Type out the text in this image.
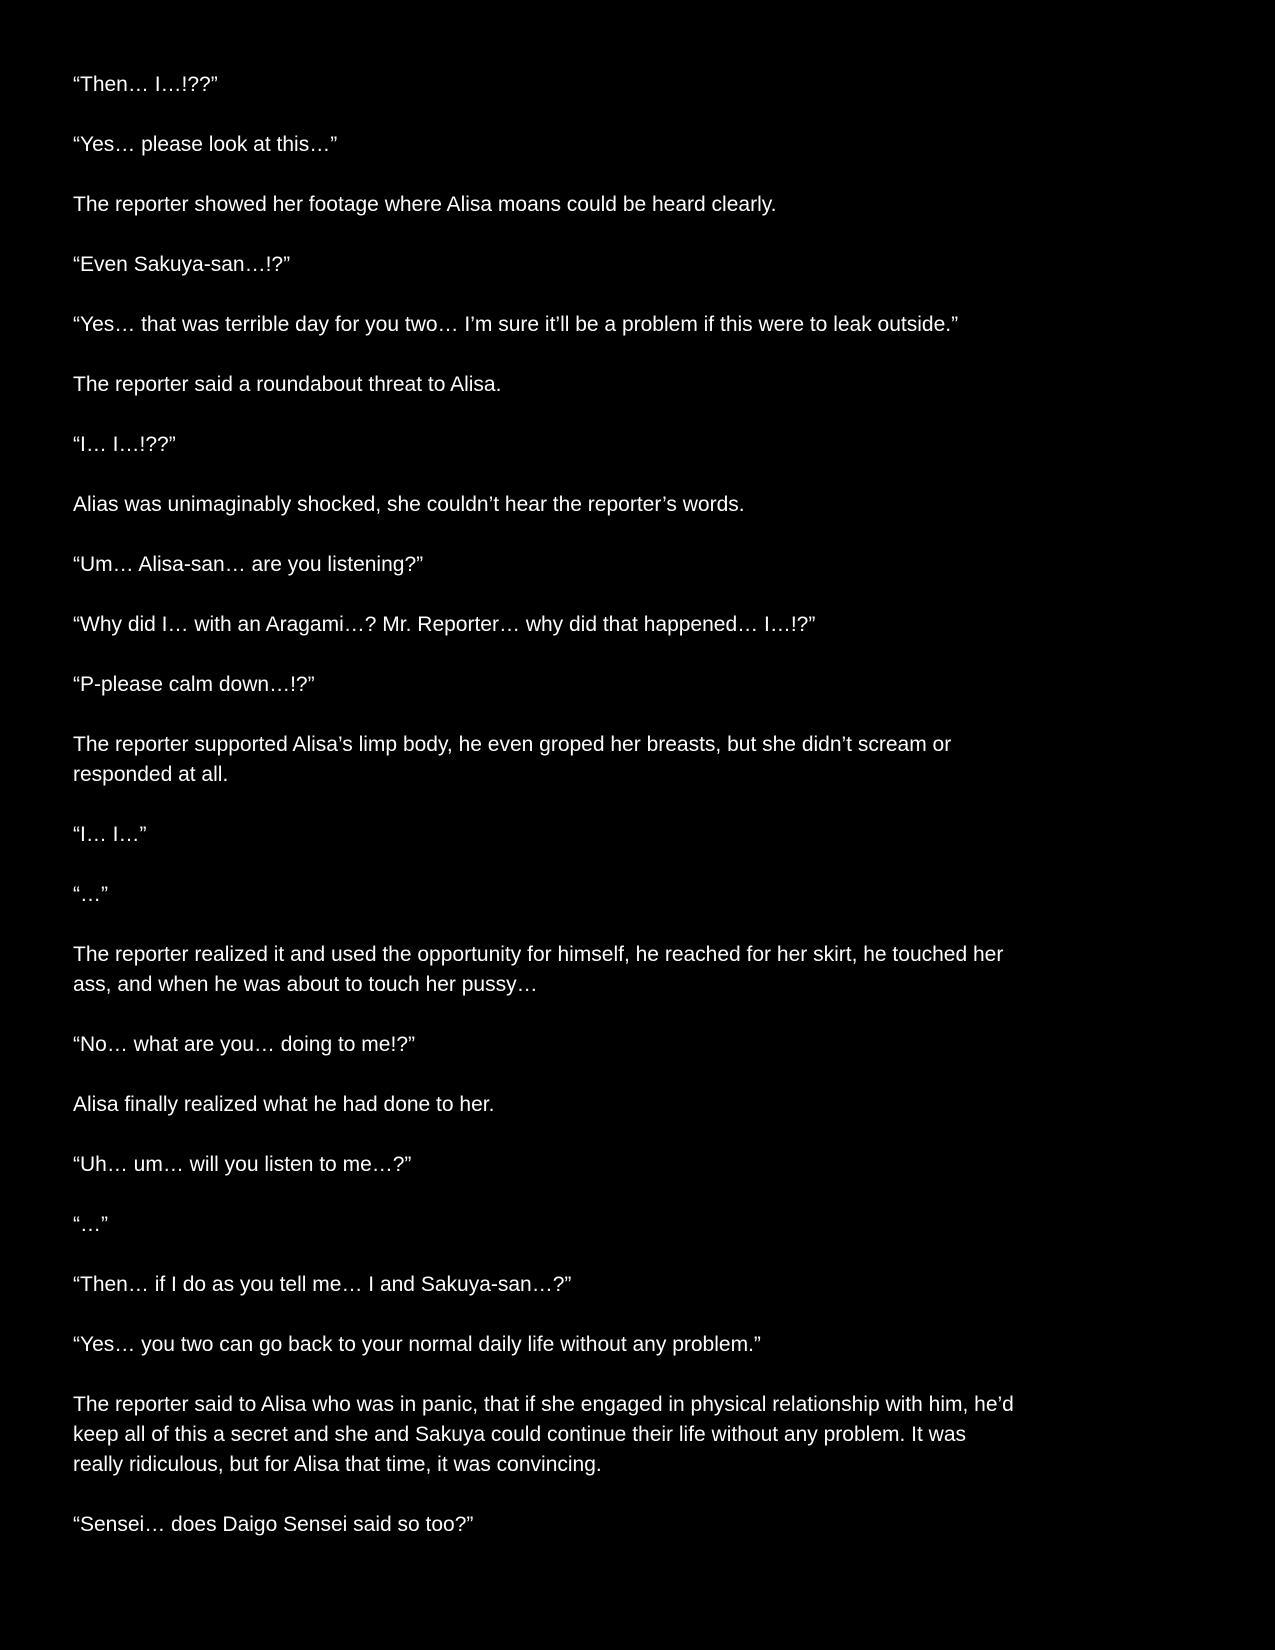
“Then… I…!??”
“Yes… please look at this…”
The reporter showed her footage where Alisa moans could be heard clearly.
“Even Sakuya-san…!?”
“Yes… that was terrible day for you two… I’m sure it’ll be a problem if this were to leak outside.”
The reporter said a roundabout threat to Alisa.
“I… I…!??”
Alias was unimaginably shocked, she couldn’t hear the reporter’s words.
“Um… Alisa-san… are you listening?”
“Why did I… with an Aragami…? Mr. Reporter… why did that happened… I…!?”
“P-please calm down…!?”
The reporter supported Alisa’s limp body, he even groped her breasts, but she didn’t scream or
responded at all.
“I… I…”
“…”
The reporter realized it and used the opportunity for himself, he reached for her skirt, he touched her
ass, and when he was about to touch her pussy…
“No… what are you… doing to me!?”
Alisa finally realized what he had done to her.
“Uh… um… will you listen to me…?”
“…”
“Then… if I do as you tell me… I and Sakuya-san…?”
“Yes… you two can go back to your normal daily life without any problem.”
The reporter said to Alisa who was in panic, that if she engaged in physical relationship with him, he’d
keep all of this a secret and she and Sakuya could continue their life without any problem. It was
really ridiculous, but for Alisa that time, it was convincing.
“Sensei… does Daigo Sensei said so too?”
